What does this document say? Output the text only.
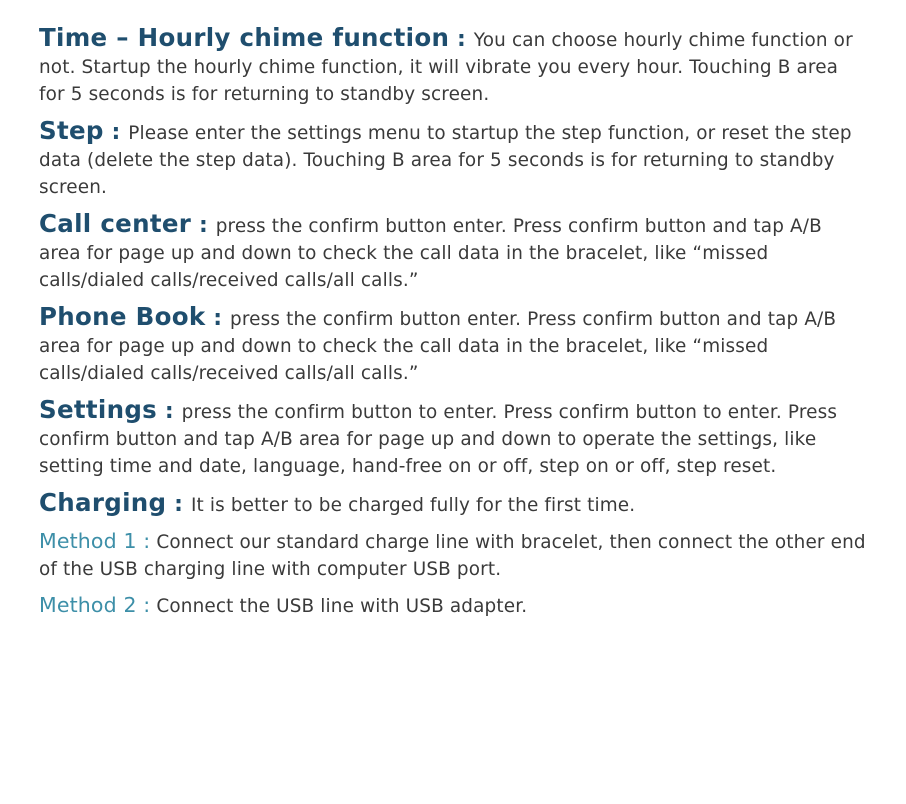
Time – Hourly chime function : You can choose hourly chime function or not. Startup the hourly chime function, it will vibrate you every hour. Touching B area for 5 seconds is for returning to standby screen.

Step : Please enter the settings menu to startup the step function, or reset the step data (delete the step data). Touching B area for 5 seconds is for returning to standby screen.

Call center : press the confirm button enter. Press confirm button and tap A/B area for page up and down to check the call data in the bracelet, like “missed calls/dialed calls/received calls/all calls.”

Phone Book : press the confirm button enter. Press confirm button and tap A/B area for page up and down to check the call data in the bracelet, like “missed calls/dialed calls/received calls/all calls.”

Settings : press the confirm button to enter. Press confirm button to enter. Press confirm button and tap A/B area for page up and down to operate the settings, like setting time and date, language, hand-free on or off, step on or off, step reset.

Charging : It is better to be charged fully for the first time.

Method 1 : Connect our standard charge line with bracelet, then connect the other end of the USB charging line with computer USB port.

Method 2 : Connect the USB line with USB adapter.
